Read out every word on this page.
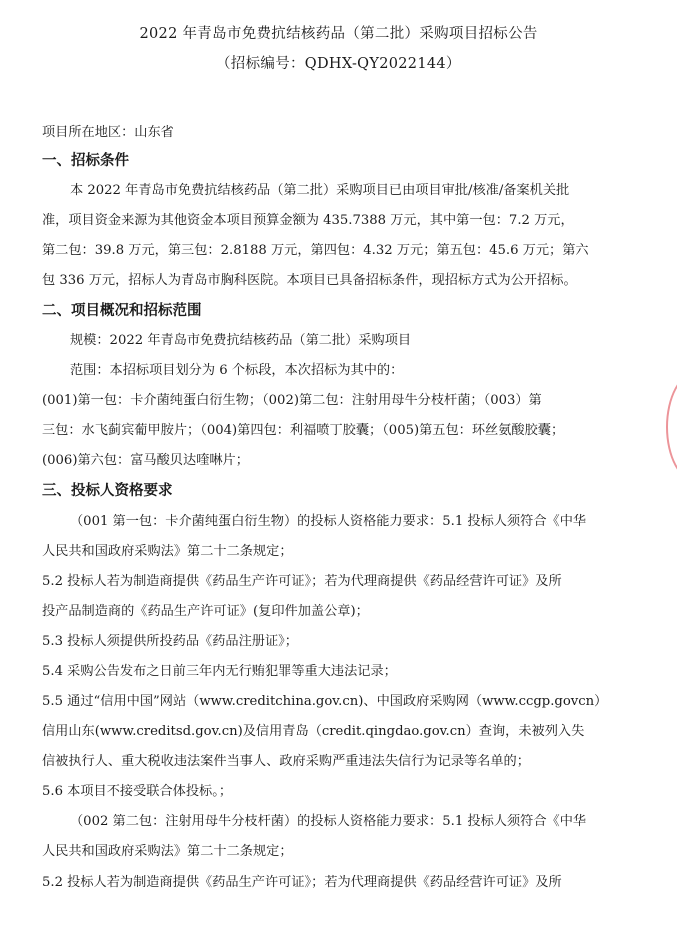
2022 年青岛市免费抗结核药品（第二批）采购项目招标公告
（招标编号：QDHX-QY2022144）
项目所在地区：山东省
一、招标条件
本 2022 年青岛市免费抗结核药品（第二批）采购项目已由项目审批/核准/备案机关批
准，项目资金来源为其他资金本项目预算金额为 435.7388 万元，其中第一包：7.2 万元，
第二包：39.8 万元，第三包：2.8188 万元，第四包：4.32 万元；第五包：45.6 万元；第六
包 336 万元，招标人为青岛市胸科医院。本项目已具备招标条件，现招标方式为公开招标。
二、项目概况和招标范围
规模：2022 年青岛市免费抗结核药品（第二批）采购项目
范围：本招标项目划分为 6 个标段，本次招标为其中的：
(001)第一包：卡介菌纯蛋白衍生物；（002)第二包：注射用母牛分枝杆菌；（003）第
三包：水飞蓟宾葡甲胺片；（004)第四包：利福喷丁胶囊；（005)第五包：环丝氨酸胶囊；
(006)第六包：富马酸贝达喹啉片；
三、投标人资格要求
（001 第一包：卡介菌纯蛋白衍生物）的投标人资格能力要求：5.1 投标人须符合《中华
人民共和国政府采购法》第二十二条规定；
5.2 投标人若为制造商提供《药品生产许可证》；若为代理商提供《药品经营许可证》及所
投产品制造商的《药品生产许可证》(复印件加盖公章)；
5.3 投标人须提供所投药品《药品注册证》；
5.4 采购公告发布之日前三年内无行贿犯罪等重大违法记录；
5.5 通过“信用中国”网站（www.creditchina.gov.cn)、中国政府采购网（www.ccgp.govcn）
信用山东(www.creditsd.gov.cn)及信用青岛（credit.qingdao.gov.cn）查询，未被列入失
信被执行人、重大税收违法案件当事人、政府采购严重违法失信行为记录等名单的；
5.6 本项目不接受联合体投标。；
（002 第二包：注射用母牛分枝杆菌）的投标人资格能力要求：5.1 投标人须符合《中华
人民共和国政府采购法》第二十二条规定；
5.2 投标人若为制造商提供《药品生产许可证》；若为代理商提供《药品经营许可证》及所
